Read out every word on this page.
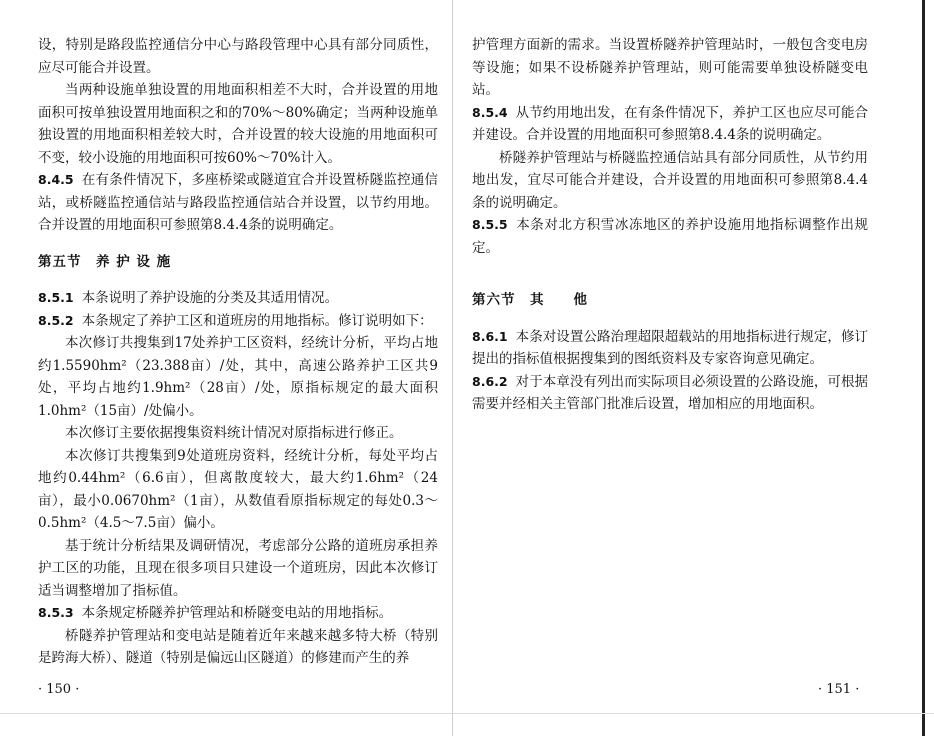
设，特别是路段监控通信分中心与路段管理中心具有部分同质性，应尽可能合并设置。

当两种设施单独设置的用地面积相差不大时，合并设置的用地面积可按单独设置用地面积之和的70%～80%确定；当两种设施单独设置的用地面积相差较大时，合并设置的较大设施的用地面积可不变，较小设施的用地面积可按60%～70%计入。

8.4.5 在有条件情况下，多座桥梁或隧道宜合并设置桥隧监控通信站，或桥隧监控通信站与路段监控通信站合并设置，以节约用地。合并设置的用地面积可参照第8.4.4条的说明确定。

第五节　养 护 设 施

8.5.1 本条说明了养护设施的分类及其适用情况。

8.5.2 本条规定了养护工区和道班房的用地指标。修订说明如下：

本次修订共搜集到17处养护工区资料，经统计分析，平均占地约1.5590hm²（23.388亩）/处，其中，高速公路养护工区共9处，平均占地约1.9hm²（28亩）/处，原指标规定的最大面积1.0hm²（15亩）/处偏小。

本次修订主要依据搜集资料统计情况对原指标进行修正。

本次修订共搜集到9处道班房资料，经统计分析，每处平均占地约0.44hm²（6.6亩），但离散度较大，最大约1.6hm²（24亩），最小0.0670hm²（1亩），从数值看原指标规定的每处0.3～0.5hm²（4.5～7.5亩）偏小。

基于统计分析结果及调研情况，考虑部分公路的道班房承担养护工区的功能，且现在很多项目只建设一个道班房，因此本次修订适当调整增加了指标值。

8.5.3 本条规定桥隧养护管理站和桥隧变电站的用地指标。

桥隧养护管理站和变电站是随着近年来越来越多特大桥（特别是跨海大桥）、隧道（特别是偏远山区隧道）的修建而产生的养

· 150 ·

护管理方面新的需求。当设置桥隧养护管理站时，一般包含变电房等设施；如果不设桥隧养护管理站，则可能需要单独设桥隧变电站。

8.5.4 从节约用地出发，在有条件情况下，养护工区也应尽可能合并建设。合并设置的用地面积可参照第8.4.4条的说明确定。

桥隧养护管理站与桥隧监控通信站具有部分同质性，从节约用地出发，宜尽可能合并建设，合并设置的用地面积可参照第8.4.4条的说明确定。

8.5.5 本条对北方积雪冰冻地区的养护设施用地指标调整作出规定。

第六节　其　　他

8.6.1 本条对设置公路治理超限超载站的用地指标进行规定，修订提出的指标值根据搜集到的图纸资料及专家咨询意见确定。

8.6.2 对于本章没有列出而实际项目必须设置的公路设施，可根据需要并经相关主管部门批准后设置，增加相应的用地面积。

· 151 ·
